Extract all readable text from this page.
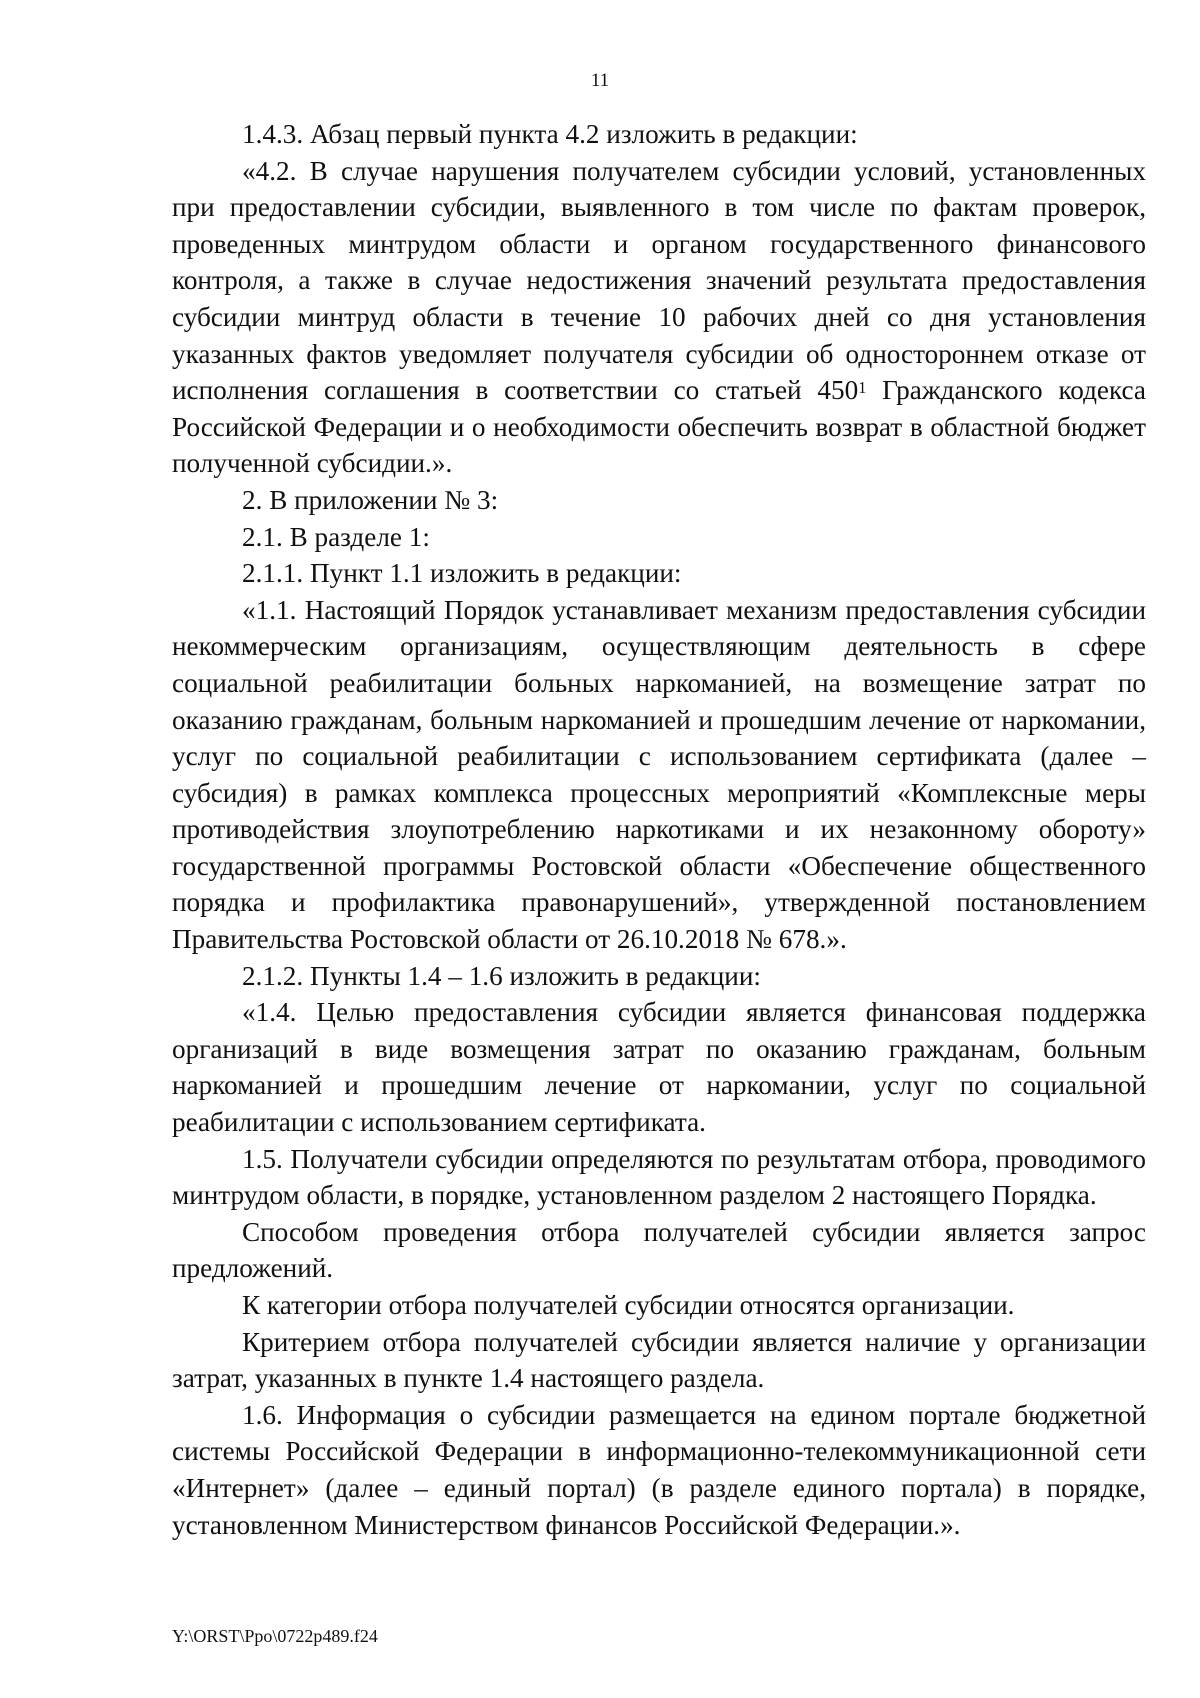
11

1.4.3. Абзац первый пункта 4.2 изложить в редакции:

«4.2. В случае нарушения получателем субсидии условий, установленных при предоставлении субсидии, выявленного в том числе по фактам проверок, проведенных минтрудом области и органом государственного финансового контроля, а также в случае недостижения значений результата предоставления субсидии минтруд области в течение 10 рабочих дней со дня установления указанных фактов уведомляет получателя субсидии об одностороннем отказе от исполнения соглашения в соответствии со статьей $450^1$ Гражданского кодекса Российской Федерации и о необходимости обеспечить возврат в областной бюджет полученной субсидии.».

2. В приложении № 3:

2.1. В разделе 1:

2.1.1. Пункт 1.1 изложить в редакции:

«1.1. Настоящий Порядок устанавливает механизм предоставления субсидии некоммерческим организациям, осуществляющим деятельность в сфере социальной реабилитации больных наркоманией, на возмещение затрат по оказанию гражданам, больным наркоманией и прошедшим лечение от наркомании, услуг по социальной реабилитации с использованием сертификата (далее – субсидия) в рамках комплекса процессных мероприятий «Комплексные меры противодействия злоупотреблению наркотиками и их незаконному обороту» государственной программы Ростовской области «Обеспечение общественного порядка и профилактика правонарушений», утвержденной постановлением Правительства Ростовской области от 26.10.2018 № 678.».

2.1.2. Пункты 1.4 – 1.6 изложить в редакции:

«1.4. Целью предоставления субсидии является финансовая поддержка организаций в виде возмещения затрат по оказанию гражданам, больным наркоманией и прошедшим лечение от наркомании, услуг по социальной реабилитации с использованием сертификата.

1.5. Получатели субсидии определяются по результатам отбора, проводимого минтрудом области, в порядке, установленном разделом 2 настоящего Порядка.

Способом проведения отбора получателей субсидии является запрос предложений.

К категории отбора получателей субсидии относятся организации.

Критерием отбора получателей субсидии является наличие у организации затрат, указанных в пункте 1.4 настоящего раздела.

1.6. Информация о субсидии размещается на едином портале бюджетной системы Российской Федерации в информационно-телекоммуникационной сети «Интернет» (далее – единый портал) (в разделе единого портала) в порядке, установленном Министерством финансов Российской Федерации.».

Y:\ORST\Ppo\0722p489.f24
